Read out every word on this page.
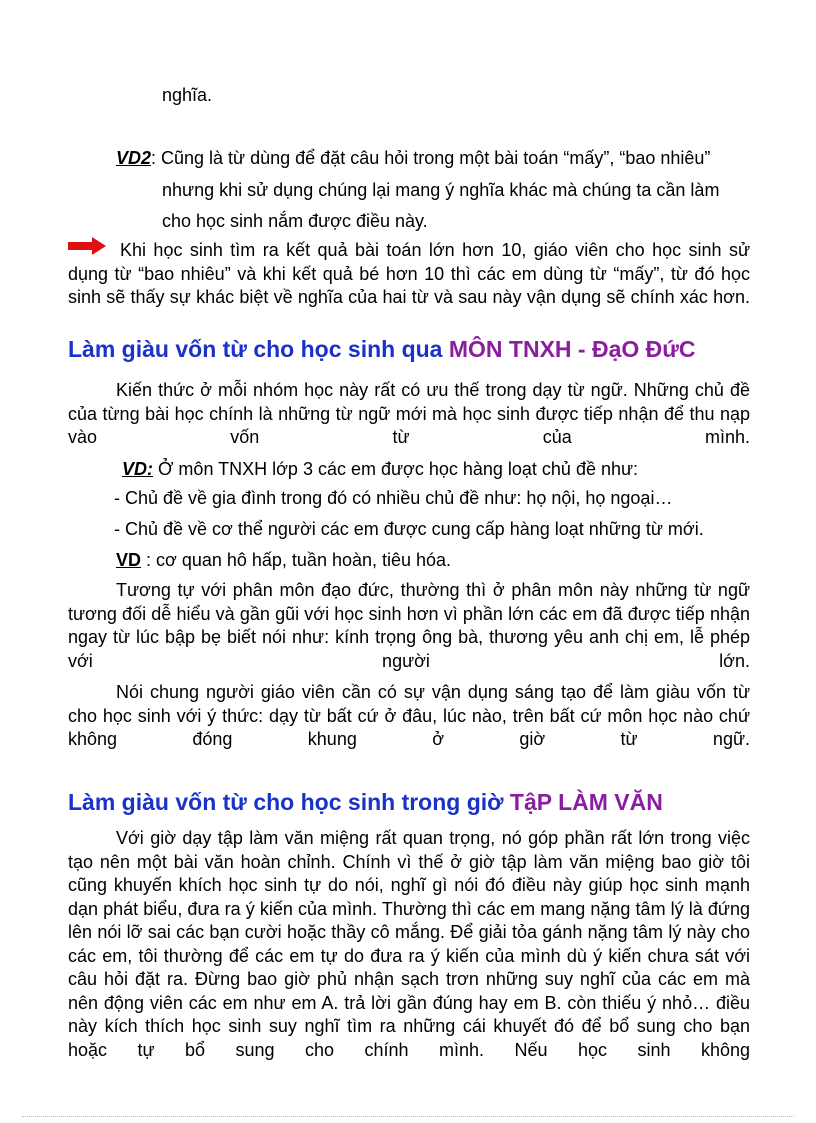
nghĩa.

VD2: Cũng là từ dùng để đặt câu hỏi trong một bài toán “mấy”, “bao nhiêu”

nhưng khi sử dụng chúng lại mang ý nghĩa khác mà chúng ta cần làm

cho học sinh nắm được điều này.

Khi học sinh tìm ra kết quả bài toán lớn hơn 10, giáo viên cho học sinh sử dụng từ “bao nhiêu” và khi kết quả bé hơn 10 thì các em dùng từ “mấy”, từ đó học sinh sẽ thấy sự khác biệt về nghĩa của hai từ và sau này vận dụng sẽ chính xác hơn.

Làm giàu vốn từ cho học sinh qua MÔN TNXH - ĐạO ĐứC

Kiến thức ở mỗi nhóm học này rất có ưu thế trong dạy từ ngữ. Những chủ đề của từng bài học chính là những từ ngữ mới mà học sinh được tiếp nhận để thu nạp vào vốn từ của mình.

VD: Ở môn TNXH lớp 3 các em được học hàng loạt chủ đề như:

- Chủ đề về gia đình trong đó có nhiều chủ đề như: họ nội, họ ngoại…

- Chủ đề về cơ thể người các em được cung cấp hàng loạt những từ mới.

VD : cơ quan hô hấp, tuần hoàn, tiêu hóa.

Tương tự với phân môn đạo đức, thường thì ở phân môn này những từ ngữ tương đối dễ hiểu và gần gũi với học sinh hơn vì phần lớn các em đã được tiếp nhận ngay từ lúc bập bẹ biết nói như: kính trọng ông bà, thương yêu anh chị em, lễ phép với người lớn.

Nói chung người giáo viên cần có sự vận dụng sáng tạo để làm giàu vốn từ cho học sinh với ý thức: dạy từ bất cứ ở đâu, lúc nào, trên bất cứ môn học nào chứ không đóng khung ở giờ từ ngữ.

Làm giàu vốn từ cho học sinh trong giờ TậP LÀM VĂN

Với giờ dạy tập làm văn miệng rất quan trọng, nó góp phần rất lớn trong việc tạo nên một bài văn hoàn chỉnh. Chính vì thế ở giờ tập làm văn miệng bao giờ tôi cũng khuyến khích học sinh tự do nói, nghĩ gì nói đó điều này giúp học sinh mạnh dạn phát biểu, đưa ra ý kiến của mình. Thường thì các em mang nặng tâm lý là đứng lên nói lỡ sai các bạn cười hoặc thầy cô mắng. Để giải tỏa gánh nặng tâm lý này cho các em, tôi thường để các em tự do đưa ra ý kiến của mình dù ý kiến chưa sát với câu hỏi đặt ra. Đừng bao giờ phủ nhận sạch trơn những suy nghĩ của các em mà nên động viên các em như em A. trả lời gần đúng hay em B. còn thiếu ý nhỏ… điều này kích thích học sinh suy nghĩ tìm ra những cái khuyết đó để bổ sung cho bạn hoặc tự bổ sung cho chính mình. Nếu học sinh không
